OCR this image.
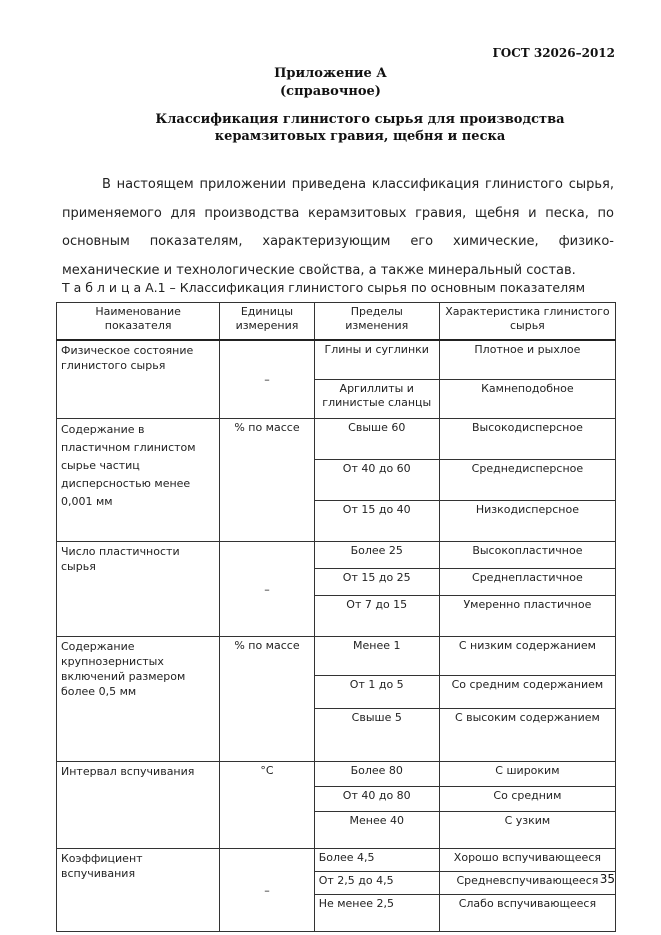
ГОСТ 32026–2012
Приложение А
(справочное)
Классификация глинистого сырья для производства керамзитовых гравия, щебня и песка
В настоящем приложении приведена классификация глинистого сырья, применяемого для производства керамзитовых гравия, щебня и песка, по основным показателям, характеризующим его химические, физико-механические и технологические свойства, а также минеральный состав.
Т а б л и ц а А.1 – Классификация глинистого сырья по основным показателям
Наименование показателя	Единицы измерения	Пределы изменения	Характеристика глинистого сырья
Физическое состояние глинистого сырья	–	Глины и суглинки	Плотное и рыхлое
		Аргиллиты и глинистые сланцы	Камнеподобное
Содержание в пластичном глинистом сырье частиц дисперсностью менее 0,001 мм	% по массе	Свыше 60	Высокодисперсное
		От 40 до 60	Среднедисперсное
		От 15 до 40	Низкодисперсное
Число пластичности сырья	–	Более 25	Высокопластичное
		От 15 до 25	Среднепластичное
		От 7 до 15	Умеренно пластичное
Содержание крупнозернистых включений размером более 0,5 мм	% по массе	Менее 1	С низким содержанием
		От 1 до 5	Со средним содержанием
		Свыше 5	С высоким содержанием
Интервал вспучивания	°С	Более 80	С широким
		От 40 до 80	Со средним
		Менее 40	С узким
Коэффициент вспучивания	–	Более 4,5	Хорошо вспучивающееся
		От 2,5 до 4,5	Средневспучивающееся
		Не менее 2,5	Слабо вспучивающееся
35
